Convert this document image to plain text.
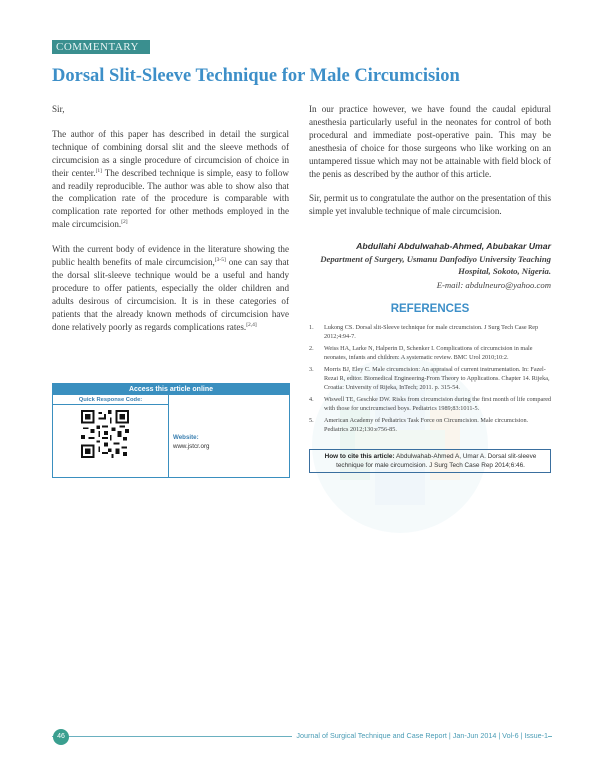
COMMENTARY
Dorsal Slit-Sleeve Technique for Male Circumcision

Sir,

The author of this paper has described in detail the surgical technique of combining dorsal slit and the sleeve methods of circumcision as a single procedure of circumcision of choice in their center.[1] The described technique is simple, easy to follow and readily reproducible. The author was able to show also that the complication rate of the procedure is comparable with complication rate reported for other methods employed in the male circumcision.[2]

With the current body of evidence in the literature showing the public health benefits of male circumcision,[3-5] one can say that the dorsal slit-sleeve technique would be a useful and handy procedure to offer patients, especially the older children and adults desirous of circumcision. It is in these categories of patients that the already known methods of circumcision have done relatively poorly as regards complications rates.[2,4]

In our practice however, we have found the caudal epidural anesthesia particularly useful in the neonates for control of both procedural and immediate post-operative pain. This may be anesthesia of choice for those surgeons who like working on an untampered tissue which may not be attainable with field block of the penis as described by the author of this article.

Sir, permit us to congratulate the author on the presentation of this simple yet invaluble technique of male circumcision.

Abdullahi Abdulwahab-Ahmed, Abubakar Umar
Department of Surgery, Usmanu Danfodiyo University Teaching Hospital, Sokoto, Nigeria.
E-mail: abdulneuro@yahoo.com
REFERENCES
1. Lukong CS. Dorsal slit-Sleeve technique for male circumcision. J Surg Tech Case Rep 2012;4:94-7.
2. Weiss HA, Larke N, Halperin D, Schenker I. Complications of circumcision in male neonates, infants and children: A systematic review. BMC Urol 2010;10:2.
3. Morris BJ, Eley C. Male circumcision: An appraisal of current instrumentation. In: Fazel-Rezai R, editor. Biomedical Engineering-From Theory to Applications. Chapter 14. Rijeka, Croatia: University of Rijeka, InTech; 2011. p. 315-54.
4. Wiswell TE, Geschke DW. Risks from circumcision during the first month of life compared with those for uncircumcised boys. Pediatrics 1989;83:1011-5.
5. American Academy of Pediatrics Task Force on Circumcision. Male circumcision. Pediatrics 2012;130:e756-85.
How to cite this article: Abdulwahab-Ahmed A, Umar A. Dorsal slit-sleeve technique for male circumcision. J Surg Tech Case Rep 2014;6:46.
Access this article online
Quick Response Code:
Website:
www.jstcr.org
46	Journal of Surgical Technique and Case Report | Jan-Jun 2014 | Vol-6 | Issue-1
